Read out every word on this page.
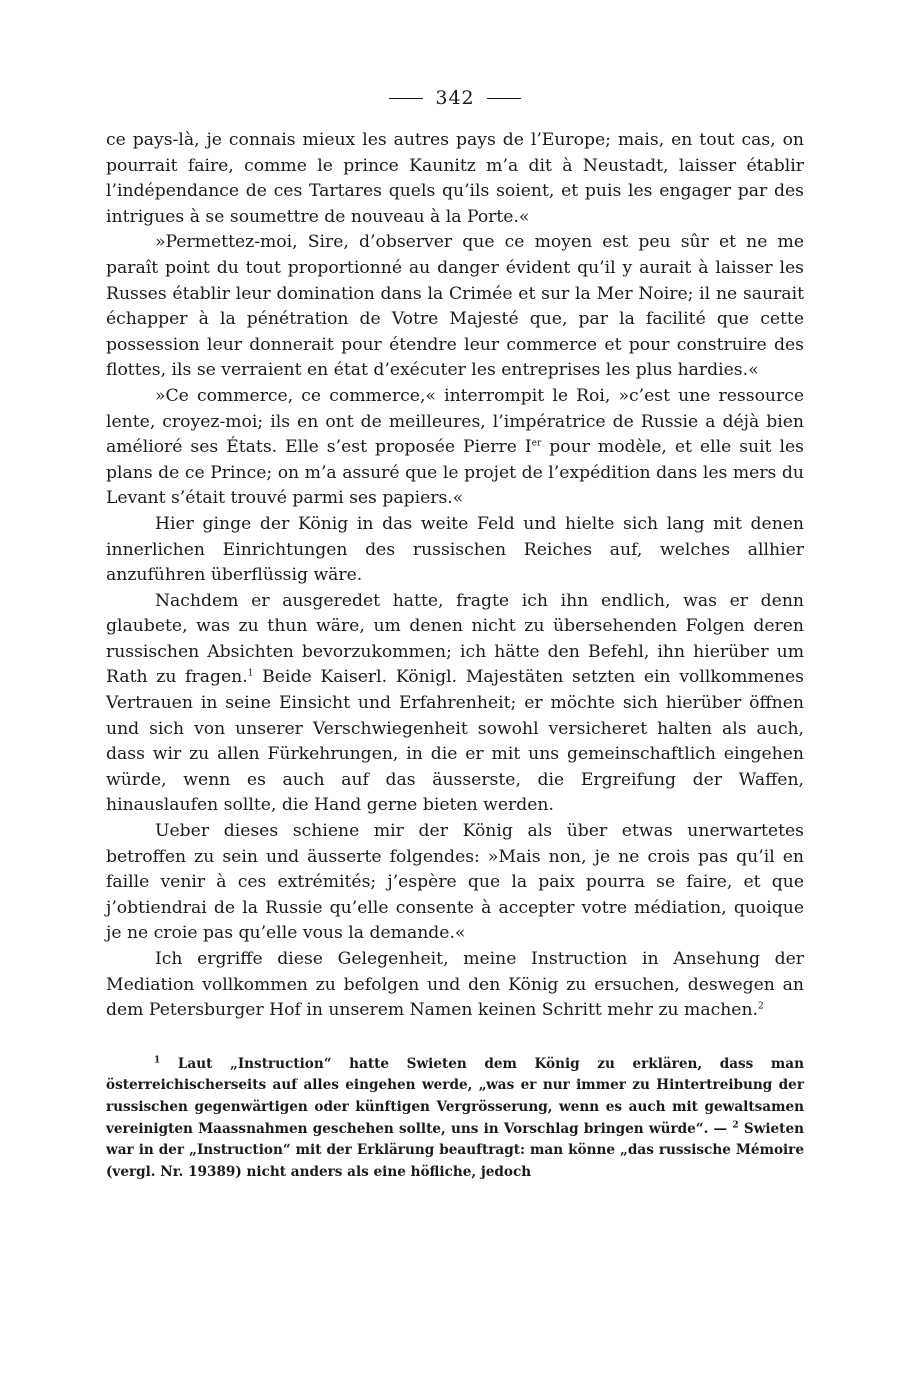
342

ce pays-là, je connais mieux les autres pays de l’Europe; mais, en tout cas, on pourrait faire, comme le prince Kaunitz m’a dit à Neustadt, laisser établir l’indépendance de ces Tartares quels qu’ils soient, et puis les engager par des intrigues à se soumettre de nouveau à la Porte.«

»Permettez-moi, Sire, d’observer que ce moyen est peu sûr et ne me paraît point du tout proportionné au danger évident qu’il y aurait à laisser les Russes établir leur domination dans la Crimée et sur la Mer Noire; il ne saurait échapper à la pénétration de Votre Majesté que, par la facilité que cette possession leur donnerait pour étendre leur commerce et pour construire des flottes, ils se verraient en état d’exécuter les entreprises les plus hardies.«

»Ce commerce, ce commerce,« interrompit le Roi, »c’est une ressource lente, croyez-moi; ils en ont de meilleures, l’impératrice de Russie a déjà bien amélioré ses États. Elle s’est proposée Pierre Ier pour modèle, et elle suit les plans de ce Prince; on m’a assuré que le projet de l’expédition dans les mers du Levant s’était trouvé parmi ses papiers.«

Hier ginge der König in das weite Feld und hielte sich lang mit denen innerlichen Einrichtungen des russischen Reiches auf, welches allhier anzuführen überflüssig wäre.

Nachdem er ausgeredet hatte, fragte ich ihn endlich, was er denn glaubete, was zu thun wäre, um denen nicht zu übersehenden Folgen deren russischen Absichten bevorzukommen; ich hätte den Befehl, ihn hierüber um Rath zu fragen.$^1$ Beide Kaiserl. Königl. Majestäten setzten ein vollkommenes Vertrauen in seine Einsicht und Erfahrenheit; er möchte sich hierüber öffnen und sich von unserer Verschwiegenheit sowohl versicheret halten als auch, dass wir zu allen Fürkehrungen, in die er mit uns gemeinschaftlich eingehen würde, wenn es auch auf das äusserste, die Ergreifung der Waffen, hinauslaufen sollte, die Hand gerne bieten werden.

Ueber dieses schiene mir der König als über etwas unerwartetes betroffen zu sein und äusserte folgendes: »Mais non, je ne crois pas qu’il en faille venir à ces extrémités; j’espère que la paix pourra se faire, et que j’obtiendrai de la Russie qu’elle consente à accepter votre médiation, quoique je ne croie pas qu’elle vous la demande.«

Ich ergriffe diese Gelegenheit, meine Instruction in Ansehung der Mediation vollkommen zu befolgen und den König zu ersuchen, deswegen an dem Petersburger Hof in unserem Namen keinen Schritt mehr zu machen.$^2$

$^1$ Laut „Instruction“ hatte Swieten dem König zu erklären, dass man österreichischerseits auf alles eingehen werde, „was er nur immer zu Hintertreibung der russischen gegenwärtigen oder künftigen Vergrösserung, wenn es auch mit gewaltsamen vereinigten Maassnahmen geschehen sollte, uns in Vorschlag bringen würde“. — $^2$ Swieten war in der „Instruction“ mit der Erklärung beauftragt: man könne „das russische Mémoire (vergl. Nr. 19389) nicht anders als eine höfliche, jedoch
